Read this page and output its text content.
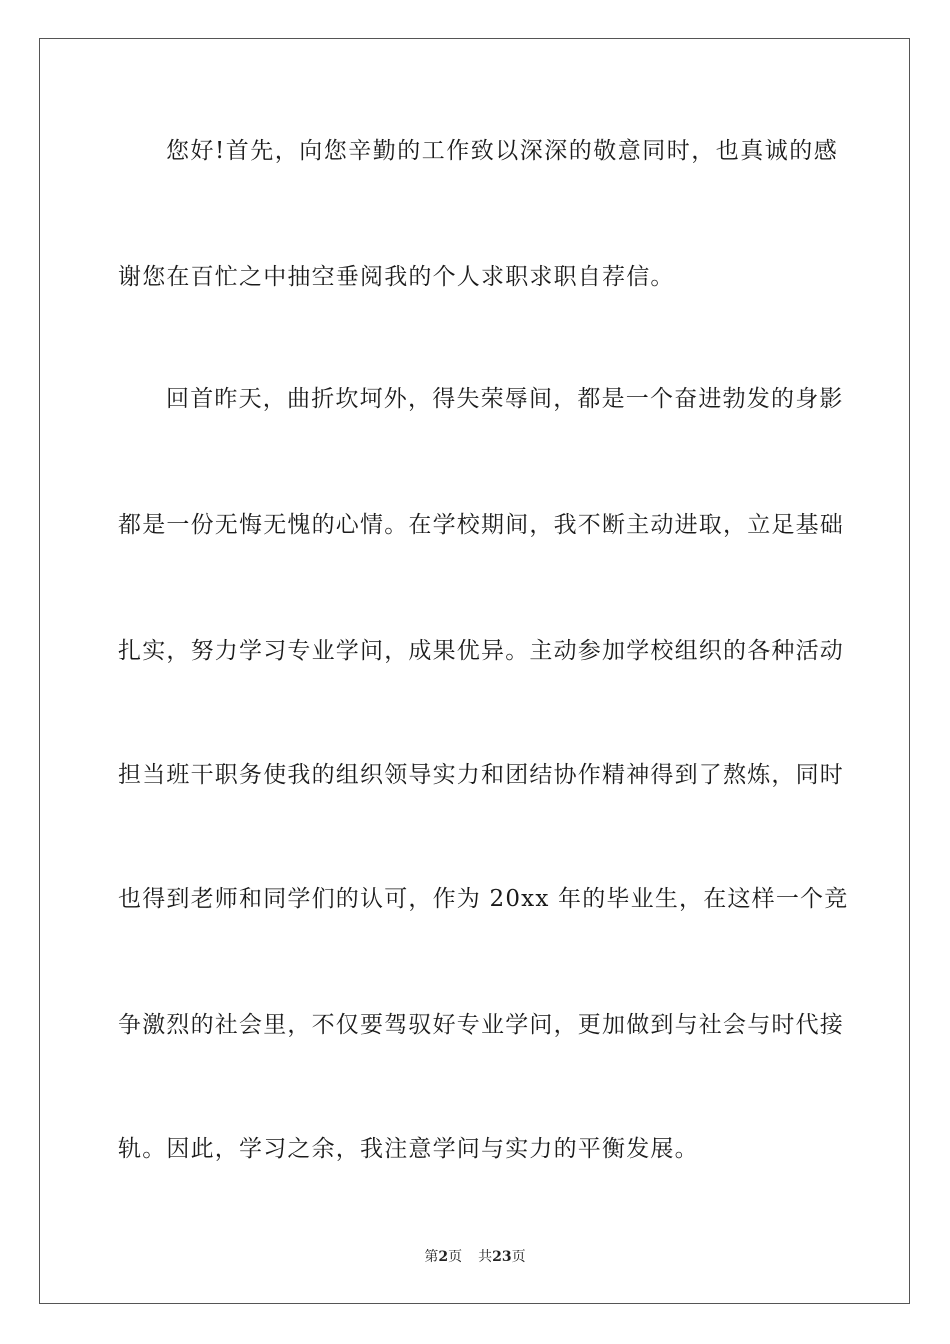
您好!首先，向您辛勤的工作致以深深的敬意同时，也真诚的感
谢您在百忙之中抽空垂阅我的个人求职求职自荐信。
回首昨天，曲折坎坷外，得失荣辱间，都是一个奋进勃发的身影
都是一份无悔无愧的心情。在学校期间，我不断主动进取，立足基础
扎实，努力学习专业学问，成果优异。主动参加学校组织的各种活动
担当班干职务使我的组织领导实力和团结协作精神得到了熬炼，同时
也得到老师和同学们的认可，作为 20xx 年的毕业生，在这样一个竞
争激烈的社会里，不仅要驾驭好专业学问，更加做到与社会与时代接
轨。因此，学习之余，我注意学问与实力的平衡发展。
第2页 共23页
